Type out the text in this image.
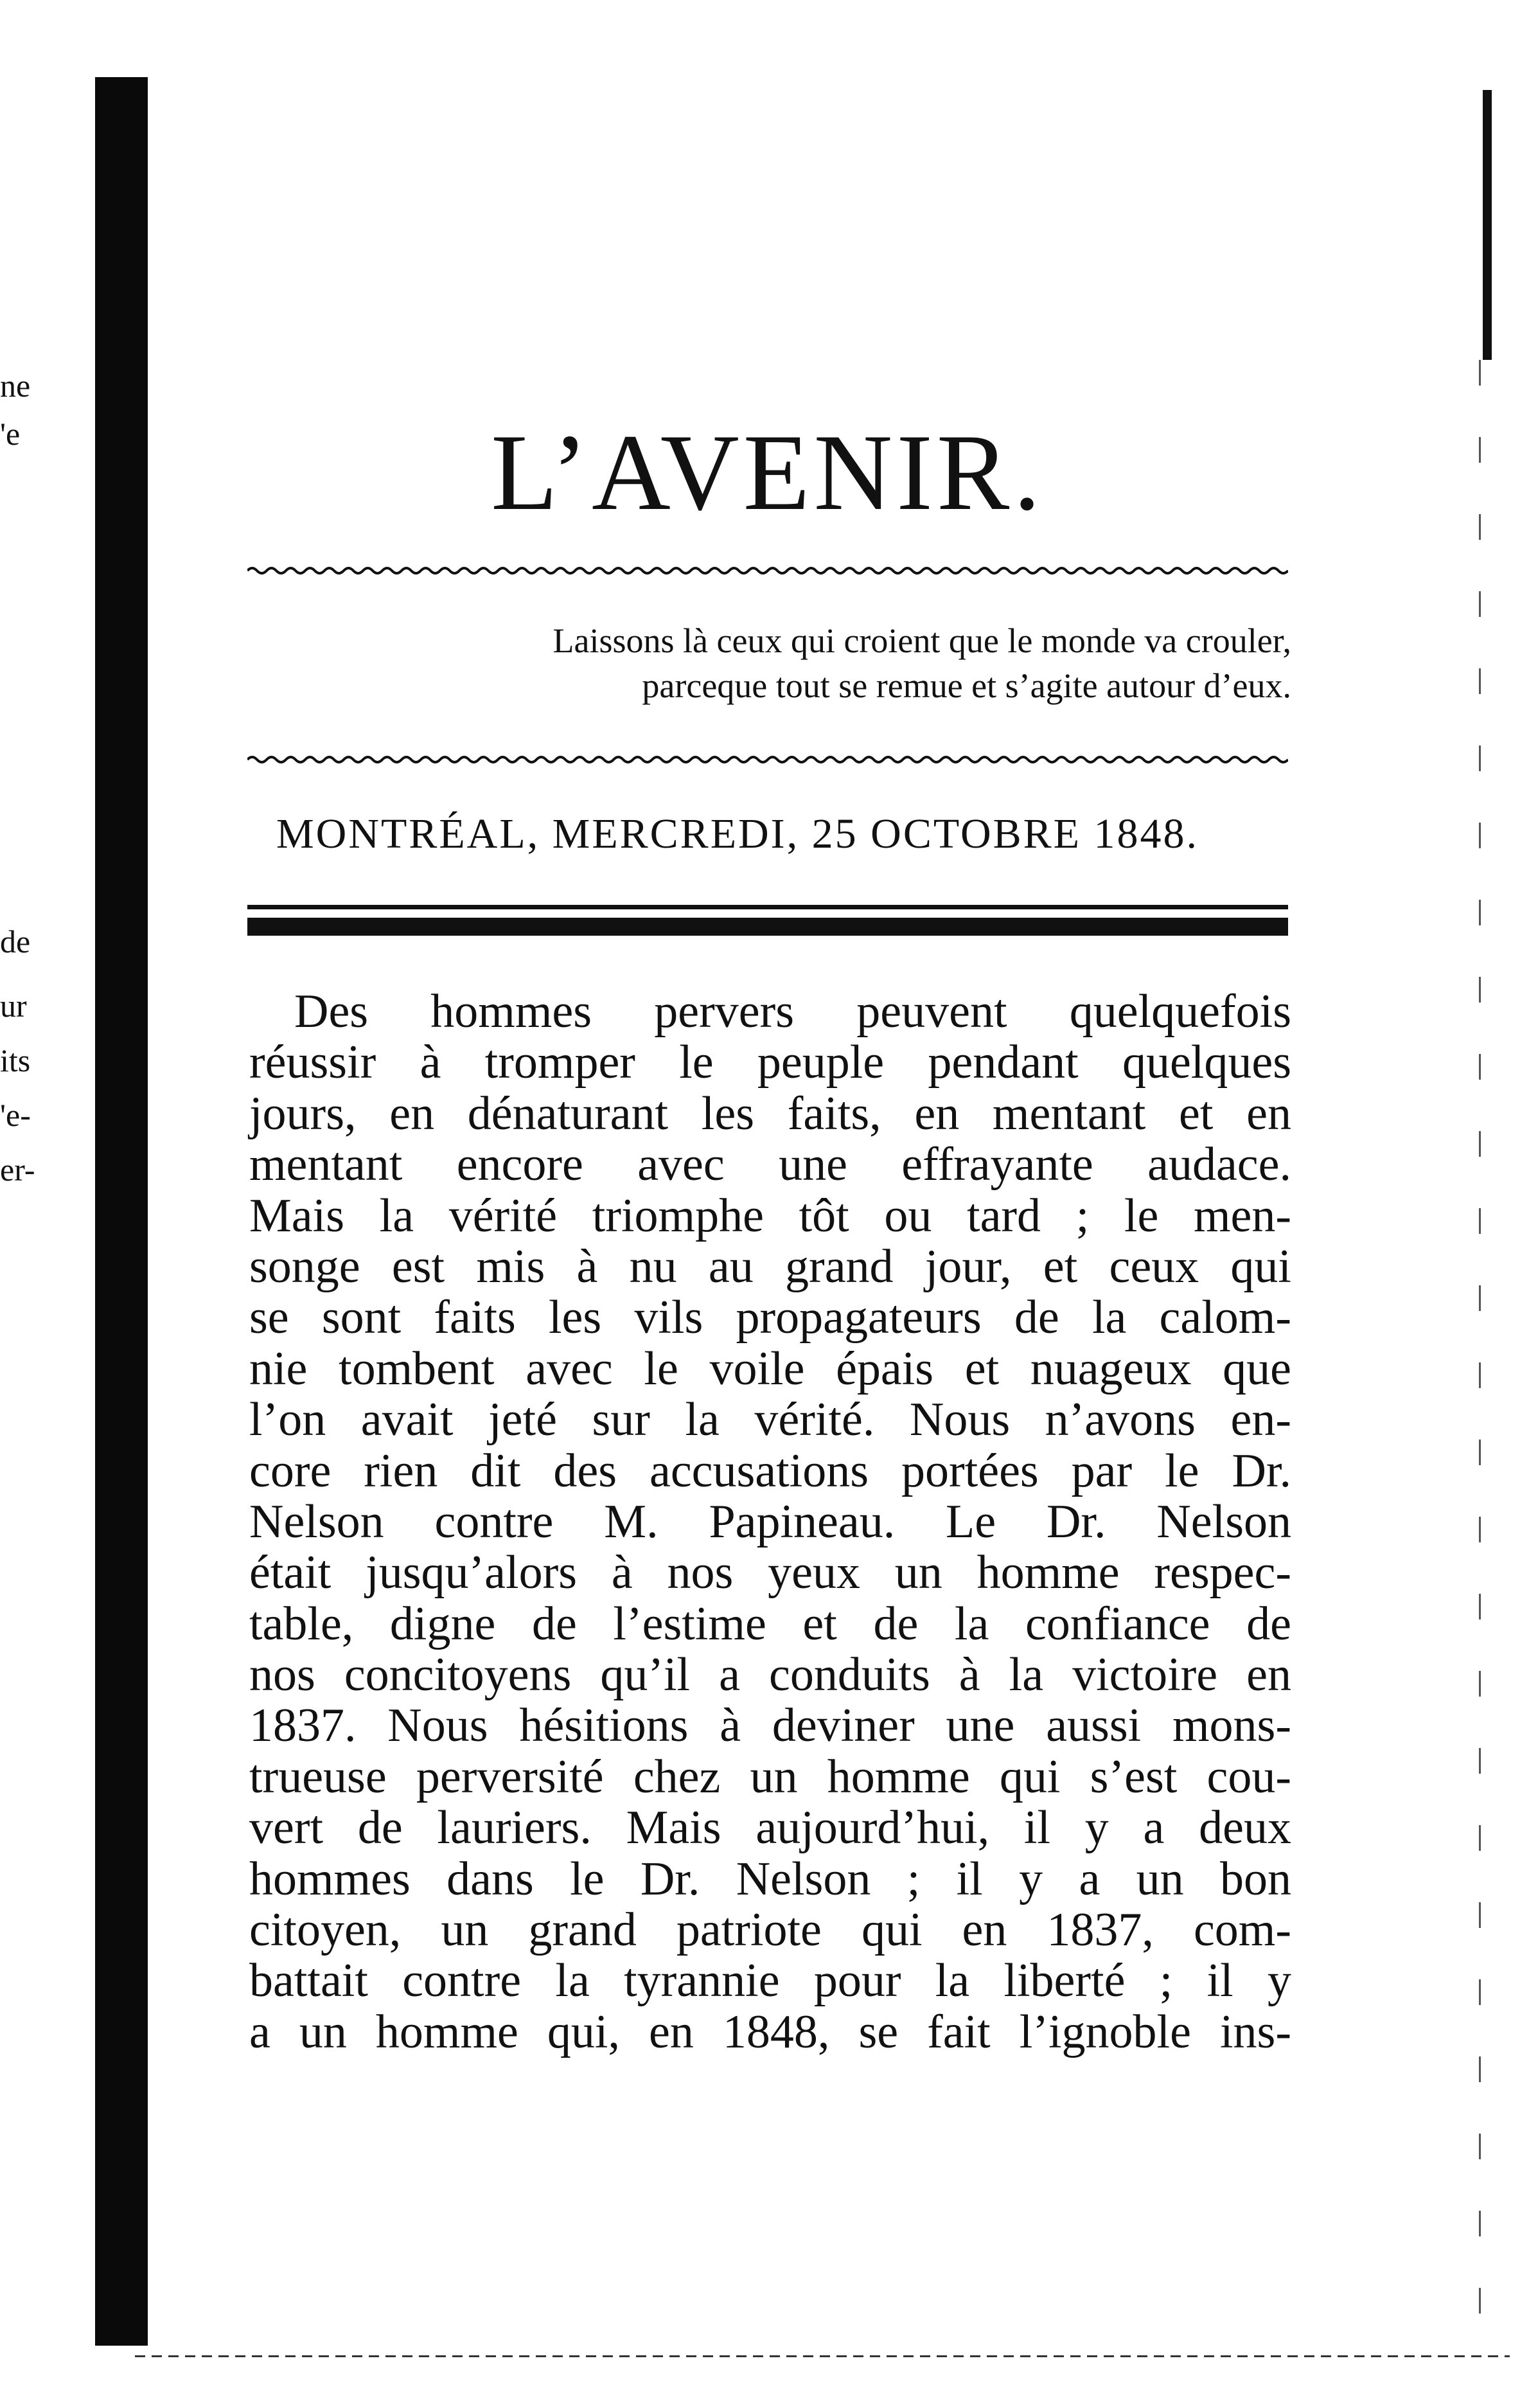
ne
'e
de
ur
its
'e-
er-
L’AVENIR.
Laissons là ceux qui croient que le monde va crouler,
parceque tout se remue et s’agite autour d’eux.
MONTRÉAL, MERCREDI, 25 OCTOBRE 1848.
Des hommes pervers peuvent quelquefois
réussir à tromper le peuple pendant quelques
jours, en dénaturant les faits, en mentant et en
mentant encore avec une effrayante audace.
Mais la vérité triomphe tôt ou tard ; le men-
songe est mis à nu au grand jour, et ceux qui
se sont faits les vils propagateurs de la calom-
nie tombent avec le voile épais et nuageux que
l’on avait jeté sur la vérité. Nous n’avons en-
core rien dit des accusations portées par le Dr.
Nelson contre M. Papineau. Le Dr. Nelson
était jusqu’alors à nos yeux un homme respec-
table, digne de l’estime et de la confiance de
nos concitoyens qu’il a conduits à la victoire en
1837. Nous hésitions à deviner une aussi mons-
trueuse perversité chez un homme qui s’est cou-
vert de lauriers. Mais aujourd’hui, il y a deux
hommes dans le Dr. Nelson ; il y a un bon
citoyen, un grand patriote qui en 1837, com-
battait contre la tyrannie pour la liberté ; il y
a un homme qui, en 1848, se fait l’ignoble ins-
